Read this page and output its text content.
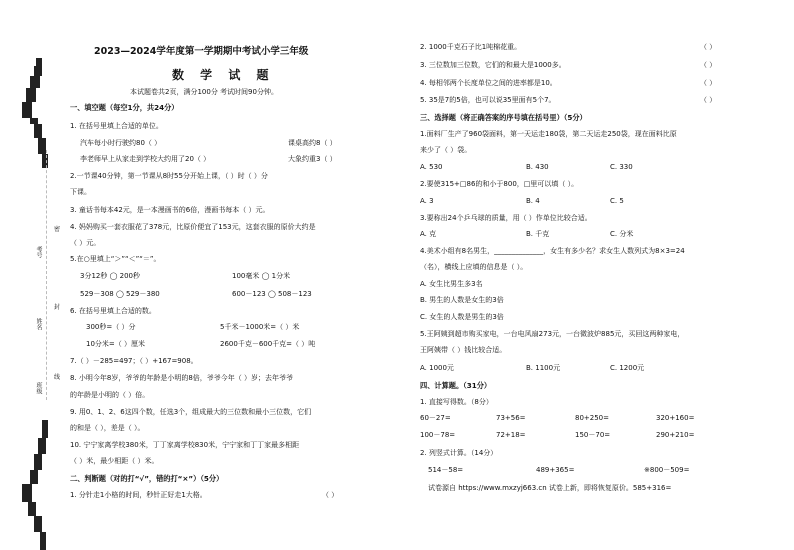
考号
姓名
班级
密
封
线
2023—2024学年度第一学期期中考试小学三年级
数 学 试 题
本试题卷共2页，满分100分 考试时间90分钟。
一、填空题（每空1分，共24分）
1. 在括号里填上合适的单位。
汽车每小时行驶约80（ ）	课桌高约8（ ）
李老师早上从家走到学校大约用了20（ ）	大象约重3（ ）
2.一节课40分钟，第一节课从8时55分开始上课，（ ）时（ ）分
下课。
3. 童话书每本42元，是一本漫画书的6倍，漫画书每本（ ）元。
4. 妈妈购买一套衣服花了378元，比原价便宜了153元，这套衣服的原价大约是
（ ）元。
5.在○里填上“＞”“＜”“＝”。
3分12秒 ◯ 200秒	100毫米 ◯ 1分米
529－308 ◯ 529－380	600－123 ◯ 508－123
6. 在括号里填上合适的数。
300秒=（ ）分	5千米－1000米=（ ）米
10分米=（ ）厘米	2600千克－600千克=（ ）吨
7.（ ）－285=497；（ ）+167=908。
8. 小明今年8岁，爷爷的年龄是小明的8倍，爷爷今年（ ）岁；去年爷爷
的年龄是小明的（ ）倍。
9. 用0、1、2、6这四个数，任选3个，组成最大的三位数和最小三位数，它们
的和是（ ），差是（ ）。
10. 宁宁家离学校380米，丁丁家离学校830米，宁宁家和丁丁家最多相距
（ ）米，最少相距（ ）米。
二、判断题（对的打“√”，错的打“×”）（5分）
1. 分针走1小格的时间，秒针正好走1大格。	（ ）
2. 1000千克石子比1吨棉花重。	（ ）
3. 三位数加三位数，它们的和最大是1000多。	（ ）
4. 每相邻两个长度单位之间的进率都是10。	（ ）
5. 35是7的5倍，也可以说35里面有5个7。	（ ）
三、选择题（将正确答案的序号填在括号里）（5分）
1.面料厂生产了960袋面料，第一天运走180袋，第二天运走250袋，现在面料比原
来少了（ ）袋。
A. 530	B. 430	C. 330
2.要使315+□86的和小于800，□里可以填（ ）。
A. 3	B. 4	C. 5
3.要称出24个乒乓球的质量，用（ ）作单位比较合适。
A. 克	B. 千克	C. 分米
4.美术小组有8名男生，______________，女生有多少名？求女生人数列式为8×3=24
（名），横线上应填的信息是（ ）。
A. 女生比男生多3名
B. 男生的人数是女生的3倍
C. 女生的人数是男生的3倍
5.王阿姨到超市购买家电，一台电风扇273元，一台微波炉885元，买回这两种家电，
王阿姨带（ ）钱比较合适。
A. 1000元	B. 1100元	C. 1200元
四、计算题。（31分）
1. 直接写得数。（8分）
60－27=	73+56=	80+250=	320+160=
100－78=	72+18=	150－70=	290+210=
2. 列竖式计算。（14分）
514－58=	489+365=	※800－509=
试卷源自 https://www.mxzyj663.cn 试卷上新，即将恢复原价。585+316=
